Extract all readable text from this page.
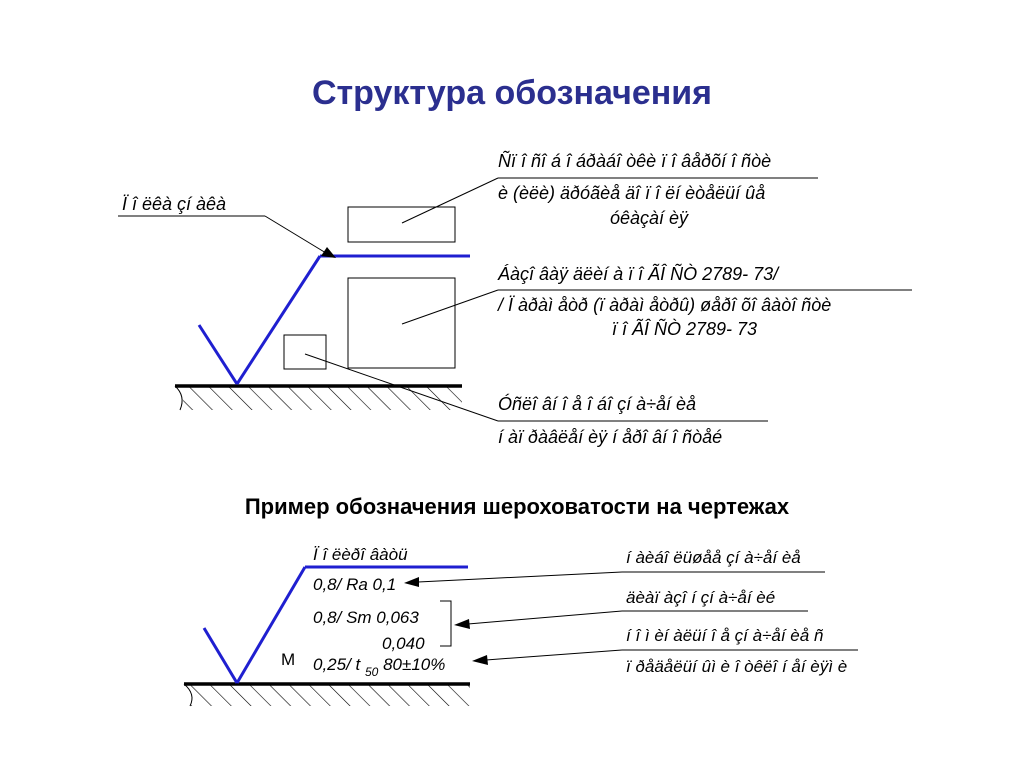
Структура обозначения
Ï î ëêà çí àêà
Ñï î ñî á î áðàáî òêè ï î âåðõí î ñòè
è (èëè) äðóãèå äî ï î ëí èòåëüí ûå
óêàçàí èÿ
Áàçî âàÿ äëèí à ï î ÃÎ ÑÒ 2789- 73/
/ Ï àðàì åòð (ï àðàì åòðû) øåðî õî âàòî ñòè
ï î ÃÎ ÑÒ 2789- 73
Óñëî âí î å î áî çí à÷åí èå
í àï ðàâëåí èÿ í åðî âí î ñòåé
Ï î ëèðî âàòü
0,8/ Ra 0,1
0,8/ Sm 0,063
0,040
M 0,25/ t $_{50}$ 80±10%
í àèáî ëüøåå çí à÷åí èå
äèàï àçî í çí à÷åí èé
í î ì èí àëüí î å çí à÷åí èå ñ
ï ðåäåëüí ûì è î òêëî í åí èÿì è

Пример обозначения шероховатости на чертежах
